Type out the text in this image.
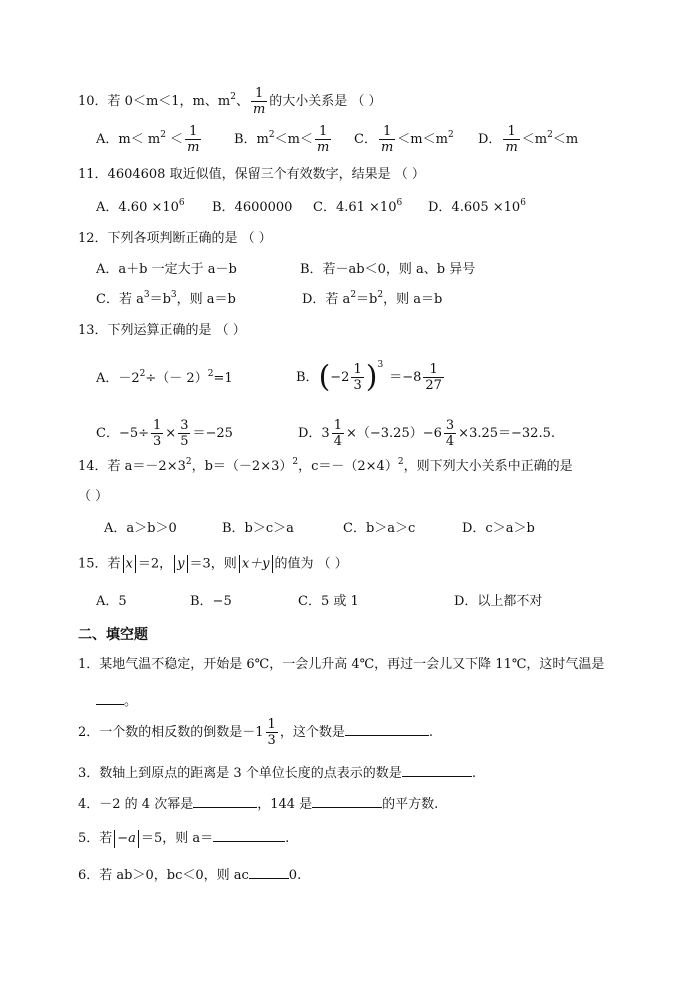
10．若 0＜m＜1，m、$m^2$、 $\frac{1}{m}$ 的大小关系是 （ ）
A．$m< m^2 < \frac{1}{m}$	B．$m^2<m< \frac{1}{m}$ C． $\frac{1}{m} <m<m^2$ D． $\frac{1}{m} <m^2<m$
11．4604608 取近似值，保留三个有效数字，结果是 （ ）
A．$4.60 \times 10^6$ B．4600000 C．$4.61 \times 10^6$ D．$4.605 \times 10^6$
12．下列各项判断正确的是 （ ）
A．a＋b 一定大于 a－b	B．若－ab＜0，则 a、b 异号
C．若 $a^3=b^3$，则 a＝b	D．若 $a^2=b^2$，则 a＝b
13．下列运算正确的是 （ ）
A．$-2^2\div(- 2)^2=1$	B．$(-2 \frac{1}{3} )^3=-8 \frac{1}{27}$
C．$-5\div \frac{1}{3} \times \frac{3}{5} =-25$	D．$3 \frac{1}{4} \times(-3.25)-6 \frac{3}{4} \times 3.25=-32.5$.
14．若 $a=-2\times 3^2$，$b=(-2\times 3)^2$，$c=-(2\times 4)^2$，则下列大小关系中正确的是
（ ）
A．a＞b＞0	B．b＞c＞a	C．b＞a＞c	D．c＞a＞b
15．若 x ＝2， y ＝3，则 x＋y 的值为 （ ）
A．5	B．−5	C．5 或 1	D．以上都不对
二、填空题
1．某地气温不稳定，开始是 6℃，一会儿升高 4℃，再过一会儿又下降 11℃，这时气温是
。
2．一个数的相反数的倒数是$-1 \frac{1}{3}$ ，这个数是	.
3．数轴上到原点的距离是 3 个单位长度的点表示的数是	.
4．－2 的 4 次幂是	，144 是	的平方数.
5．若 −a ＝5，则 a＝	.
6．若 ab＞0，bc＜0，则 ac	0.
